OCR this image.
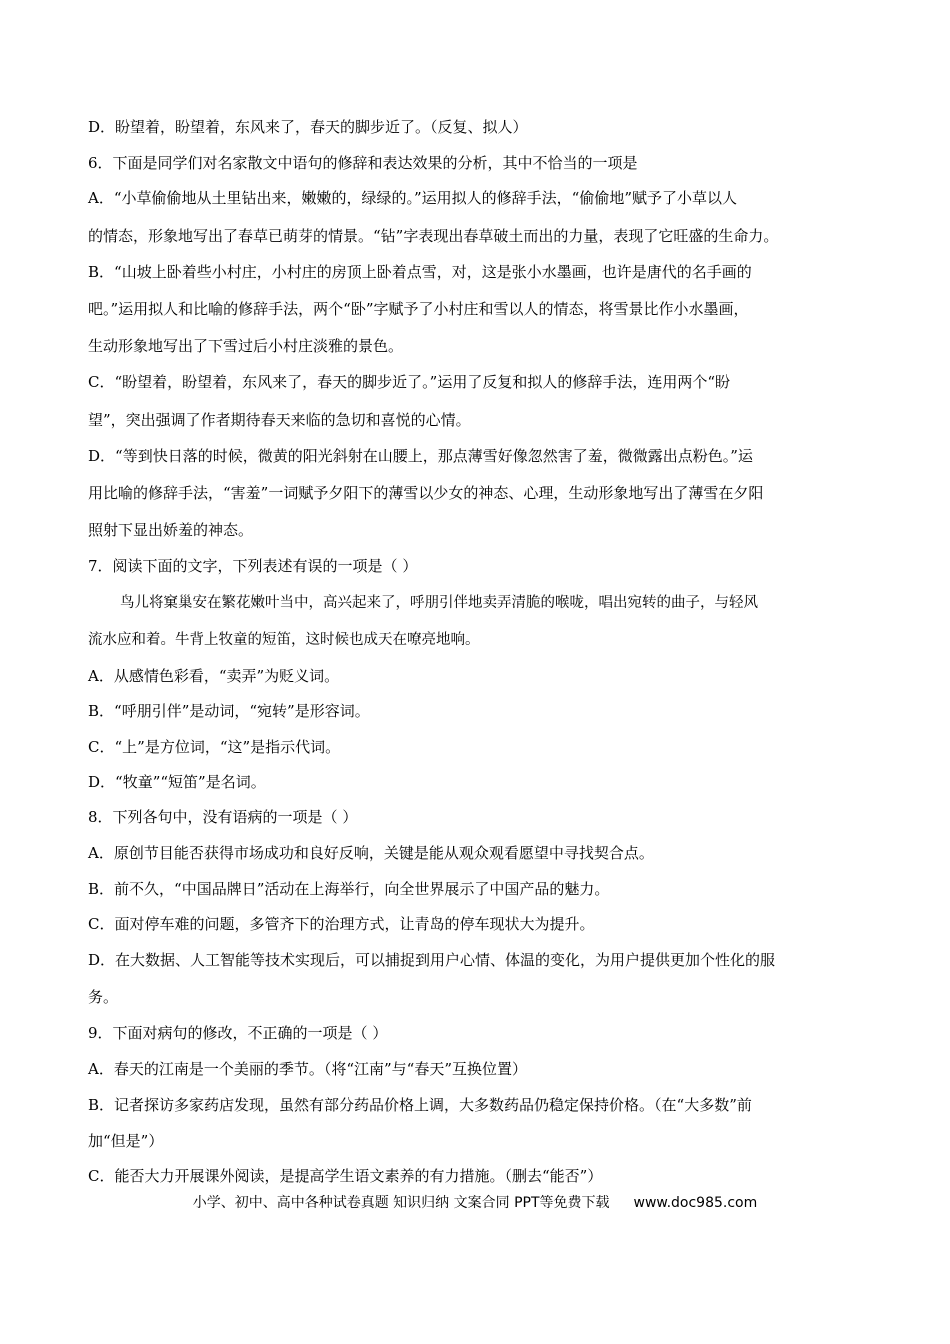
D．盼望着，盼望着，东风来了，春天的脚步近了。（反复、拟人）
6．下面是同学们对名家散文中语句的修辞和表达效果的分析，其中不恰当的一项是
A．“小草偷偷地从土里钻出来，嫩嫩的，绿绿的。”运用拟人的修辞手法，“偷偷地”赋予了小草以人
的情态，形象地写出了春草已萌芽的情景。“钻”字表现出春草破土而出的力量，表现了它旺盛的生命力。
B．“山坡上卧着些小村庄，小村庄的房顶上卧着点雪，对，这是张小水墨画，也许是唐代的名手画的
吧。”运用拟人和比喻的修辞手法，两个“卧”字赋予了小村庄和雪以人的情态，将雪景比作小水墨画，
生动形象地写出了下雪过后小村庄淡雅的景色。
C．“盼望着，盼望着，东风来了，春天的脚步近了。”运用了反复和拟人的修辞手法，连用两个“盼
望”，突出强调了作者期待春天来临的急切和喜悦的心情。
D．“等到快日落的时候，微黄的阳光斜射在山腰上，那点薄雪好像忽然害了羞，微微露出点粉色。”运
用比喻的修辞手法，“害羞”一词赋予夕阳下的薄雪以少女的神态、心理，生动形象地写出了薄雪在夕阳
照射下显出娇羞的神态。
7．阅读下面的文字，下列表述有误的一项是（ ）
鸟儿将窠巢安在繁花嫩叶当中，高兴起来了，呼朋引伴地卖弄清脆的喉咙，唱出宛转的曲子，与轻风
流水应和着。牛背上牧童的短笛，这时候也成天在嘹亮地响。
A．从感情色彩看，“卖弄”为贬义词。
B．“呼朋引伴”是动词，“宛转”是形容词。
C．“上”是方位词，“这”是指示代词。
D．“牧童”“短笛”是名词。
8．下列各句中，没有语病的一项是（ ）
A．原创节目能否获得市场成功和良好反响，关键是能从观众观看愿望中寻找契合点。
B．前不久，“中国品牌日”活动在上海举行，向全世界展示了中国产品的魅力。
C．面对停车难的问题，多管齐下的治理方式，让青岛的停车现状大为提升。
D．在大数据、人工智能等技术实现后，可以捕捉到用户心情、体温的变化，为用户提供更加个性化的服
务。
9．下面对病句的修改，不正确的一项是（ ）
A．春天的江南是一个美丽的季节。（将“江南”与“春天”互换位置）
B．记者探访多家药店发现，虽然有部分药品价格上调，大多数药品仍稳定保持价格。（在“大多数”前
加“但是”）
C．能否大力开展课外阅读，是提高学生语文素养的有力措施。（删去“能否”）
小学、初中、高中各种试卷真题 知识归纳 文案合同 PPT等免费下载 www.doc985.com
